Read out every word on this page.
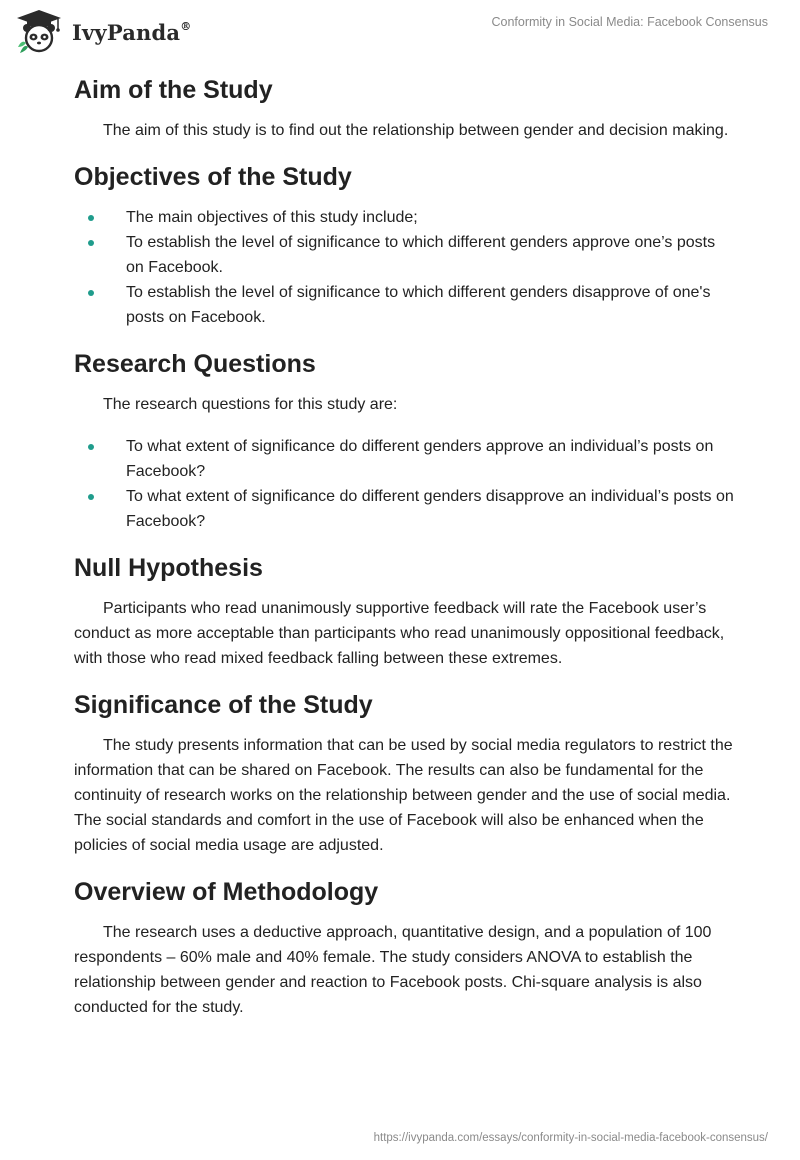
IvyPanda®	Conformity in Social Media: Facebook Consensus
Aim of the Study

The aim of this study is to find out the relationship between gender and decision making.

Objectives of the Study
The main objectives of this study include;
To establish the level of significance to which different genders approve one’s posts on Facebook.
To establish the level of significance to which different genders disapprove of one's posts on Facebook.
Research Questions

The research questions for this study are:

To what extent of significance do different genders approve an individual’s posts on Facebook?
To what extent of significance do different genders disapprove an individual’s posts on Facebook?
Null Hypothesis

Participants who read unanimously supportive feedback will rate the Facebook user’s conduct as more acceptable than participants who read unanimously oppositional feedback, with those who read mixed feedback falling between these extremes.

Significance of the Study

The study presents information that can be used by social media regulators to restrict the information that can be shared on Facebook. The results can also be fundamental for the continuity of research works on the relationship between gender and the use of social media. The social standards and comfort in the use of Facebook will also be enhanced when the policies of social media usage are adjusted.

Overview of Methodology

The research uses a deductive approach, quantitative design, and a population of 100 respondents – 60% male and 40% female. The study considers ANOVA to establish the relationship between gender and reaction to Facebook posts. Chi-square analysis is also conducted for the study.

https://ivypanda.com/essays/conformity-in-social-media-facebook-consensus/
